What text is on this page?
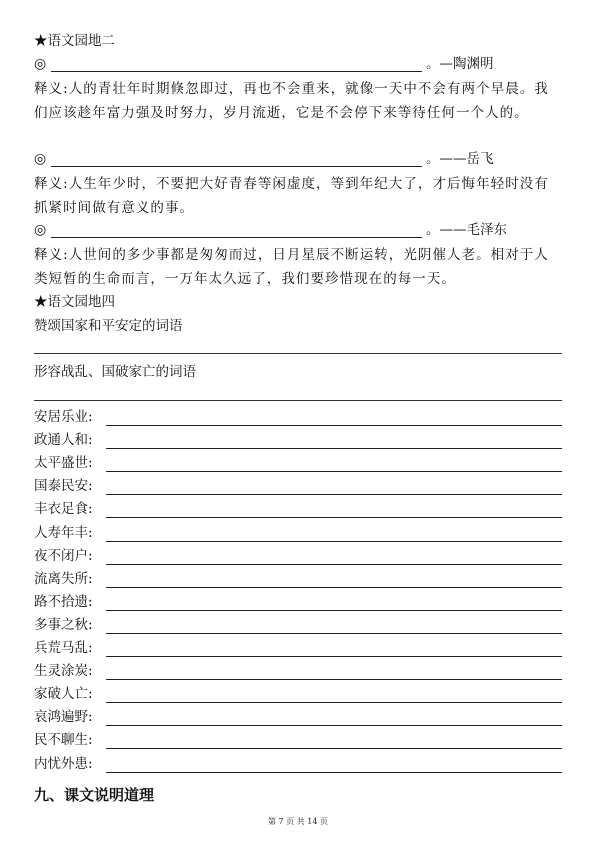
★语文园地二
◎	。—陶渊明
释义:人的青壮年时期倏忽即过，再也不会重来，就像一天中不会有两个早晨。我们应该趁年富力强及时努力，岁月流逝，它是不会停下来等待任何一个人的。
◎	。——岳飞
释义:人生年少时，不要把大好青春等闲虚度，等到年纪大了，才后悔年轻时没有抓紧时间做有意义的事。
◎	。——毛泽东
释义:人世间的多少事都是匆匆而过，日月星辰不断运转，光阴催人老。相对于人类短暂的生命而言，一万年太久远了，我们要珍惜现在的每一天。
★语文园地四
赞颂国家和平安定的词语
形容战乱、国破家亡的词语
安居乐业:
政通人和:
太平盛世:
国泰民安:
丰衣足食:
人寿年丰:
夜不闭户:
流离失所:
路不拾遗:
多事之秋:
兵荒马乱:
生灵涂炭:
家破人亡:
哀鸿遍野:
民不聊生:
内忧外患:
九、课文说明道理
第 7 页 共 14 页
